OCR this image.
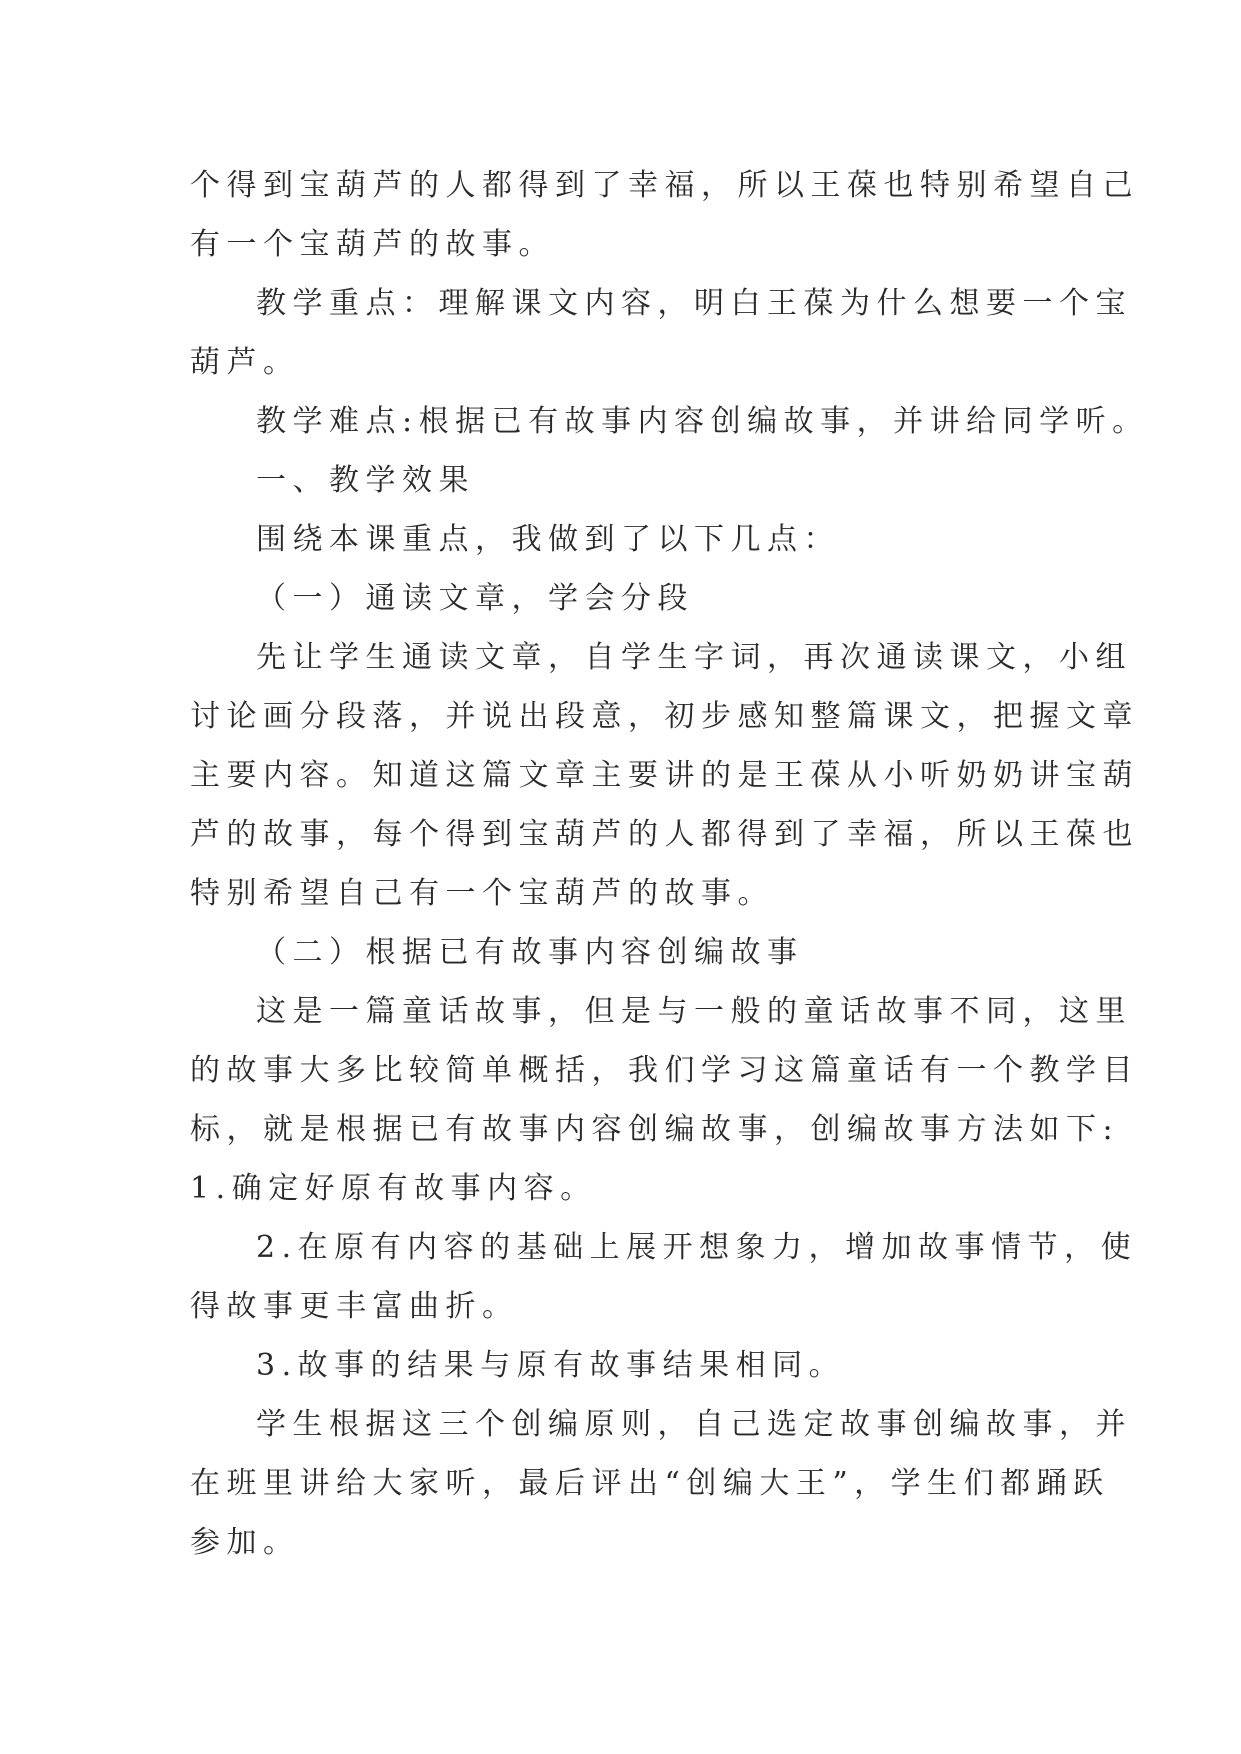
个得到宝葫芦的人都得到了幸福，所以王葆也特别希望自己
有一个宝葫芦的故事。
教学重点：理解课文内容，明白王葆为什么想要一个宝
葫芦。
教学难点:根据已有故事内容创编故事，并讲给同学听。
一、教学效果
围绕本课重点，我做到了以下几点：
（一）通读文章，学会分段
先让学生通读文章，自学生字词，再次通读课文，小组
讨论画分段落，并说出段意，初步感知整篇课文，把握文章
主要内容。知道这篇文章主要讲的是王葆从小听奶奶讲宝葫
芦的故事，每个得到宝葫芦的人都得到了幸福，所以王葆也
特别希望自己有一个宝葫芦的故事。
（二）根据已有故事内容创编故事
这是一篇童话故事，但是与一般的童话故事不同，这里
的故事大多比较简单概括，我们学习这篇童话有一个教学目
标，就是根据已有故事内容创编故事，创编故事方法如下:
1.确定好原有故事内容。
2.在原有内容的基础上展开想象力，增加故事情节，使
得故事更丰富曲折。
3.故事的结果与原有故事结果相同。
学生根据这三个创编原则，自己选定故事创编故事，并
在班里讲给大家听，最后评出“创编大王”，学生们都踊跃
参加。
